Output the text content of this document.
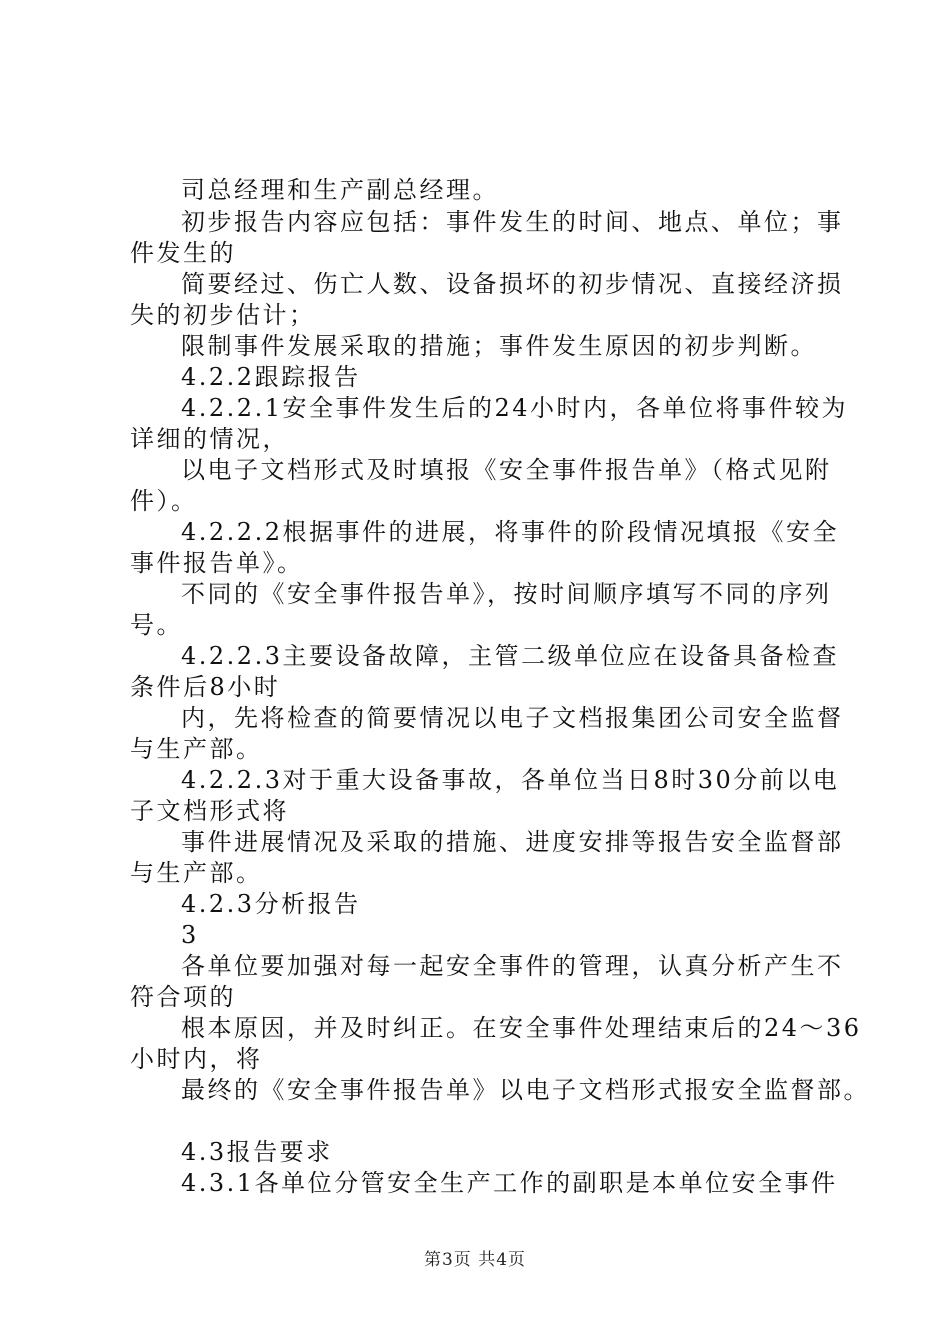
司总经理和生产副总经理。
初步报告内容应包括：事件发生的时间、地点、单位；事
件发生的
简要经过、伤亡人数、设备损坏的初步情况、直接经济损
失的初步估计；
限制事件发展采取的措施；事件发生原因的初步判断。
4.2.2跟踪报告
4.2.2.1安全事件发生后的24小时内，各单位将事件较为
详细的情况，
以电子文档形式及时填报《安全事件报告单》（格式见附
件）。
4.2.2.2根据事件的进展，将事件的阶段情况填报《安全
事件报告单》。
不同的《安全事件报告单》，按时间顺序填写不同的序列
号。
4.2.2.3主要设备故障，主管二级单位应在设备具备检查
条件后8小时
内，先将检查的简要情况以电子文档报集团公司安全监督
与生产部。
4.2.2.3对于重大设备事故，各单位当日8时30分前以电
子文档形式将
事件进展情况及采取的措施、进度安排等报告安全监督部
与生产部。
4.2.3分析报告
3
各单位要加强对每一起安全事件的管理，认真分析产生不
符合项的
根本原因，并及时纠正。在安全事件处理结束后的24～36
小时内，将
最终的《安全事件报告单》以电子文档形式报安全监督部。
4.3报告要求
4.3.1各单位分管安全生产工作的副职是本单位安全事件
第3页 共4页
